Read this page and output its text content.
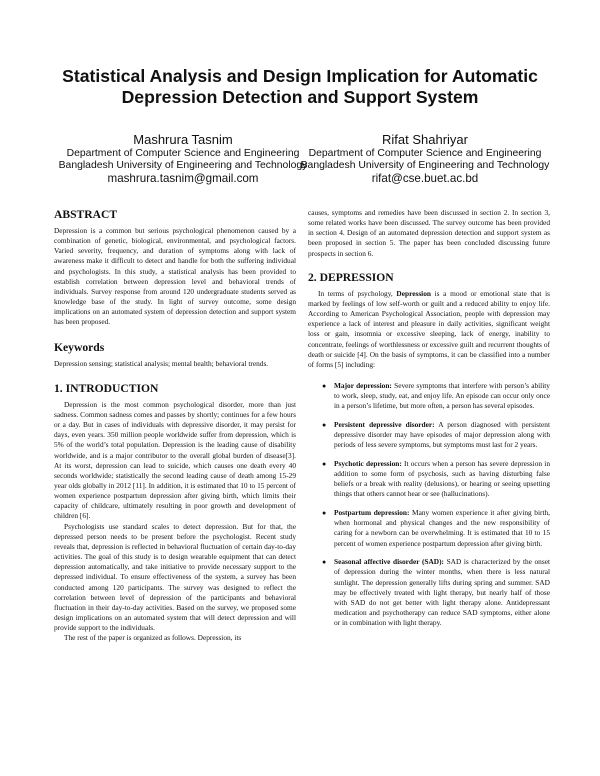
Statistical Analysis and Design Implication for Automatic Depression Detection and Support System
Mashrura Tasnim
Department of Computer Science and Engineering
Bangladesh University of Engineering and Technology
mashrura.tasnim@gmail.com
Rifat Shahriyar
Department of Computer Science and Engineering
Bangladesh University of Engineering and Technology
rifat@cse.buet.ac.bd
ABSTRACT

Depression is a common but serious psychological phenomenon caused by a combination of genetic, biological, environmental, and psychological factors. Varied severity, frequency, and duration of symptoms along with lack of awareness make it difficult to detect and handle for both the suffering individual and psychologists. In this study, a statistical analysis has been provided to establish correlation between depression level and behavioral trends of individuals. Survey response from around 120 undergraduate students served as knowledge base of the study. In light of survey outcome, some design implications on an automated system of depression detection and support system has been proposed.

Keywords

Depression sensing; statistical analysis; mental health; behavioral trends.

1. INTRODUCTION

Depression is the most common psychological disorder, more than just sadness. Common sadness comes and passes by shortly; continues for a few hours or a day. But in cases of individuals with depressive disorder, it may persist for days, even years. 350 million people worldwide suffer from depression, which is 5% of the world’s total population. Depression is the leading cause of disability worldwide, and is a major contributor to the overall global burden of disease[3]. At its worst, depression can lead to suicide, which causes one death every 40 seconds worldwide; statistically the second leading cause of death among 15-29 year olds globally in 2012 [11]. In addition, it is estimated that 10 to 15 percent of women experience postpartum depression after giving birth, which limits their capacity of childcare, ultimately resulting in poor growth and development of children [6].

Psychologists use standard scales to detect depression. But for that, the depressed person needs to be present before the psychologist. Recent study reveals that, depression is reflected in behavioral fluctuation of certain day-to-day activities. The goal of this study is to design wearable equipment that can detect depression automatically, and take initiative to provide necessary support to the depressed individual. To ensure effectiveness of the system, a survey has been conducted among 120 participants. The survey was designed to reflect the correlation between level of depression of the participants and behavioral fluctuation in their day-to-day activities. Based on the survey, we proposed some design implications on an automated system that will detect depression and will provide support to the individuals.

The rest of the paper is organized as follows. Depression, its

causes, symptoms and remedies have been discussed in section 2. In section 3, some related works have been discussed. The survey outcome has been provided in section 4. Design of an automated depression detection and support system as been proposed in section 5. The paper has been concluded discussing future prospects in section 6.

2. DEPRESSION

In terms of psychology, Depression is a mood or emotional state that is marked by feelings of low self-worth or guilt and a reduced ability to enjoy life. According to American Psychological Association, people with depression may experience a lack of interest and pleasure in daily activities, significant weight loss or gain, insomnia or excessive sleeping, lack of energy, inability to concentrate, feelings of worthlessness or excessive guilt and recurrent thoughts of death or suicide [4]. On the basis of symptoms, it can be classified into a number of forms [5] including:

● Major depression: Severe symptoms that interfere with person’s ability to work, sleep, study, eat, and enjoy life. An episode can occur only once in a person’s lifetime, but more often, a person has several episodes.
● Persistent depressive disorder: A person diagnosed with persistent depressive disorder may have episodes of major depression along with periods of less severe symptoms, but symptoms must last for 2 years.
● Psychotic depression: It occurs when a person has severe depression in addition to some form of psychosis, such as having disturbing false beliefs or a break with reality (delusions), or hearing or seeing upsetting things that others cannot hear or see (hallucinations).
● Postpartum depression: Many women experience it after giving birth, when hormonal and physical changes and the new responsibility of caring for a newborn can be overwhelming. It is estimated that 10 to 15 percent of women experience postpartum depression after giving birth.
● Seasonal affective disorder (SAD): SAD is characterized by the onset of depression during the winter months, when there is less natural sunlight. The depression generally lifts during spring and summer. SAD may be effectively treated with light therapy, but nearly half of those with SAD do not get better with light therapy alone. Antidepressant medication and psychotherapy can reduce SAD symptoms, either alone or in combination with light therapy.
